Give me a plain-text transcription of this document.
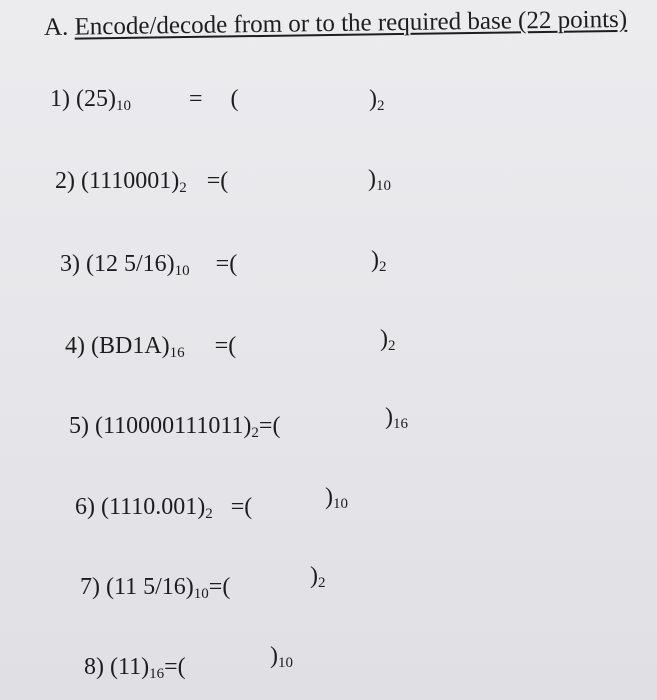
A. Encode/decode from or to the required base (22 points)
1) $(25)_{10}$ = (	)$_2$
2) $(1110001)_2$ =(	)$_{10}$
3) (12 $5/16)_{10}$ =(	)$_2$
4) $(BD1A)_{16}$ =(	)$_2$
5) $(110000111011)_2=$(	)$_{16}$
6) $(1110.001)_2$ =(	)$_{10}$
7) (11 $5/16)_{10}=$(	)$_2$
8) $(11)_{16}=$(	)$_{10}$
